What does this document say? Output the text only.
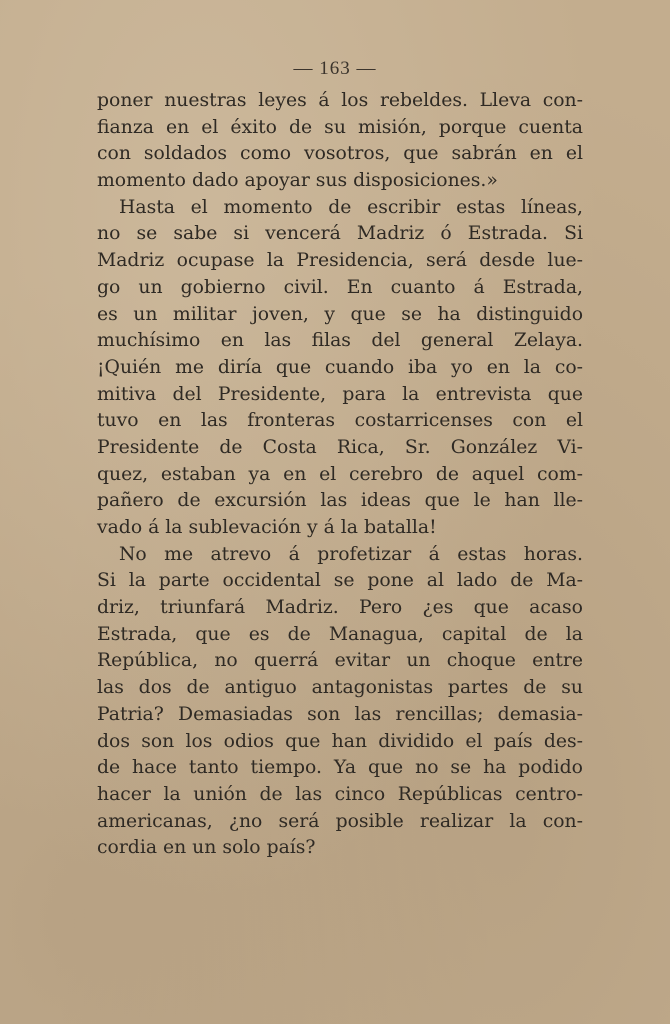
— 163 —
poner nuestras leyes á los rebeldes. Lleva con-
fianza en el éxito de su misión, porque cuenta
con soldados como vosotros, que sabrán en el
momento dado apoyar sus disposiciones.»
Hasta el momento de escribir estas líneas,
no se sabe si vencerá Madriz ó Estrada. Si
Madriz ocupase la Presidencia, será desde lue-
go un gobierno civil. En cuanto á Estrada,
es un militar joven, y que se ha distinguido
muchísimo en las filas del general Zelaya.
¡Quién me diría que cuando iba yo en la co-
mitiva del Presidente, para la entrevista que
tuvo en las fronteras costarricenses con el
Presidente de Costa Rica, Sr. González Vi-
quez, estaban ya en el cerebro de aquel com-
pañero de excursión las ideas que le han lle-
vado á la sublevación y á la batalla!
No me atrevo á profetizar á estas horas.
Si la parte occidental se pone al lado de Ma-
driz, triunfará Madriz. Pero ¿es que acaso
Estrada, que es de Managua, capital de la
República, no querrá evitar un choque entre
las dos de antiguo antagonistas partes de su
Patria? Demasiadas son las rencillas; demasia-
dos son los odios que han dividido el país des-
de hace tanto tiempo. Ya que no se ha podido
hacer la unión de las cinco Repúblicas centro-
americanas, ¿no será posible realizar la con-
cordia en un solo país?
